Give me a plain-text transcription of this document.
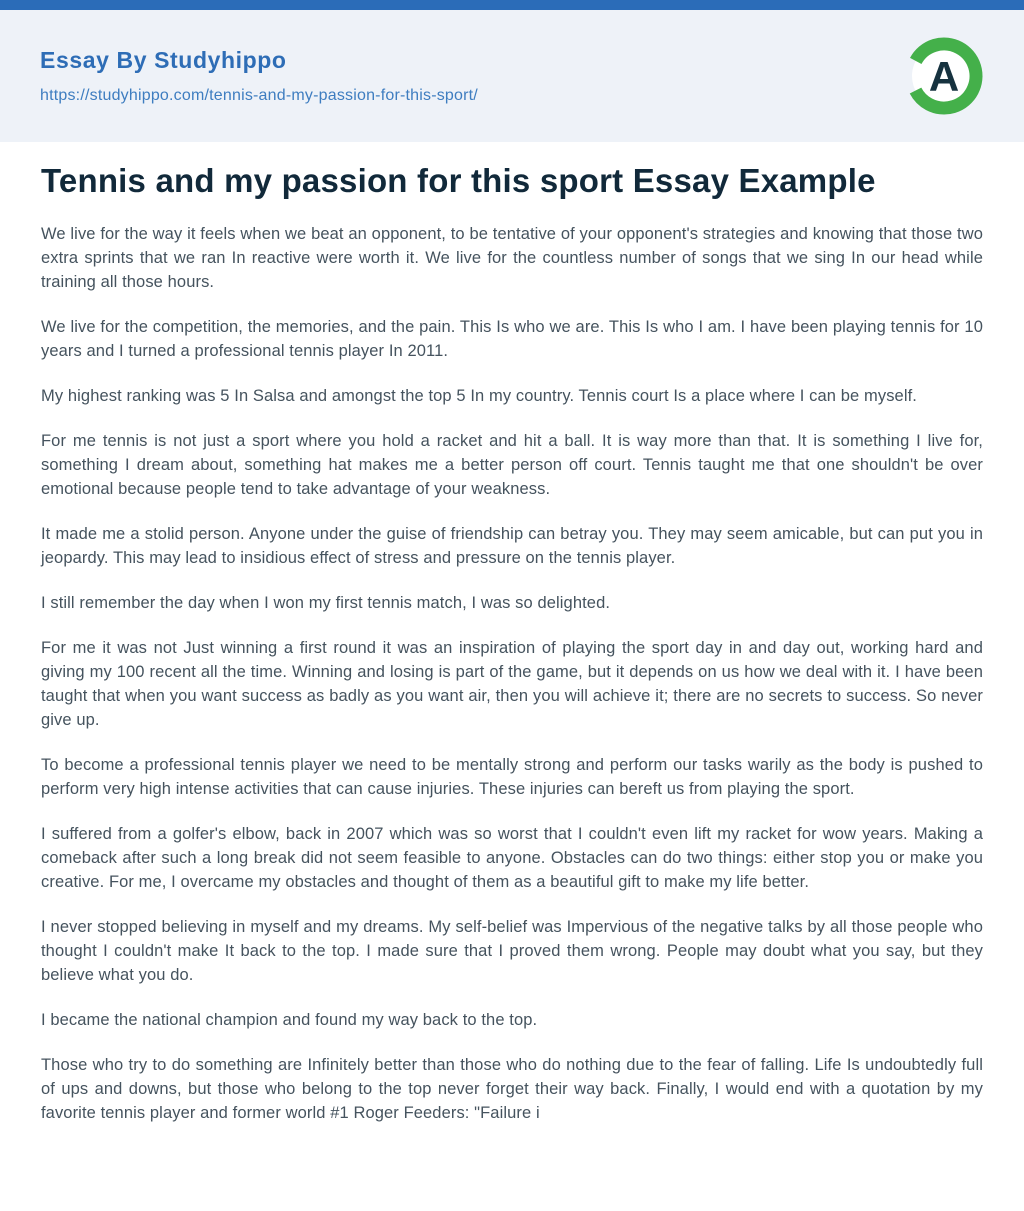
Essay By Studyhippo
https://studyhippo.com/tennis-and-my-passion-for-this-sport/	A
Tennis and my passion for this sport Essay Example

We live for the way it feels when we beat an opponent, to be tentative of your opponent's strategies and knowing that those two extra sprints that we ran In reactive were worth it. We live for the countless number of songs that we sing In our head while training all those hours.

We live for the competition, the memories, and the pain. This Is who we are. This Is who I am. I have been playing tennis for 10 years and I turned a professional tennis player In 2011.

My highest ranking was 5 In Salsa and amongst the top 5 In my country. Tennis court Is a place where I can be myself.

For me tennis is not just a sport where you hold a racket and hit a ball. It is way more than that. It is something I live for, something I dream about, something hat makes me a better person off court. Tennis taught me that one shouldn't be over emotional because people tend to take advantage of your weakness.

It made me a stolid person. Anyone under the guise of friendship can betray you. They may seem amicable, but can put you in jeopardy. This may lead to insidious effect of stress and pressure on the tennis player.

I still remember the day when I won my first tennis match, I was so delighted.

For me it was not Just winning a first round it was an inspiration of playing the sport day in and day out, working hard and giving my 100 recent all the time. Winning and losing is part of the game, but it depends on us how we deal with it. I have been taught that when you want success as badly as you want air, then you will achieve it; there are no secrets to success. So never give up.

To become a professional tennis player we need to be mentally strong and perform our tasks warily as the body is pushed to perform very high intense activities that can cause injuries. These injuries can bereft us from playing the sport.

I suffered from a golfer's elbow, back in 2007 which was so worst that I couldn't even lift my racket for wow years. Making a comeback after such a long break did not seem feasible to anyone. Obstacles can do two things: either stop you or make you creative. For me, I overcame my obstacles and thought of them as a beautiful gift to make my life better.

I never stopped believing in myself and my dreams. My self-belief was Impervious of the negative talks by all those people who thought I couldn't make It back to the top. I made sure that I proved them wrong. People may doubt what you say, but they believe what you do.

I became the national champion and found my way back to the top.

Those who try to do something are Infinitely better than those who do nothing due to the fear of falling. Life Is undoubtedly full of ups and downs, but those who belong to the top never forget their way back. Finally, I would end with a quotation by my favorite tennis player and former world #1 Roger Feeders: "Failure i
